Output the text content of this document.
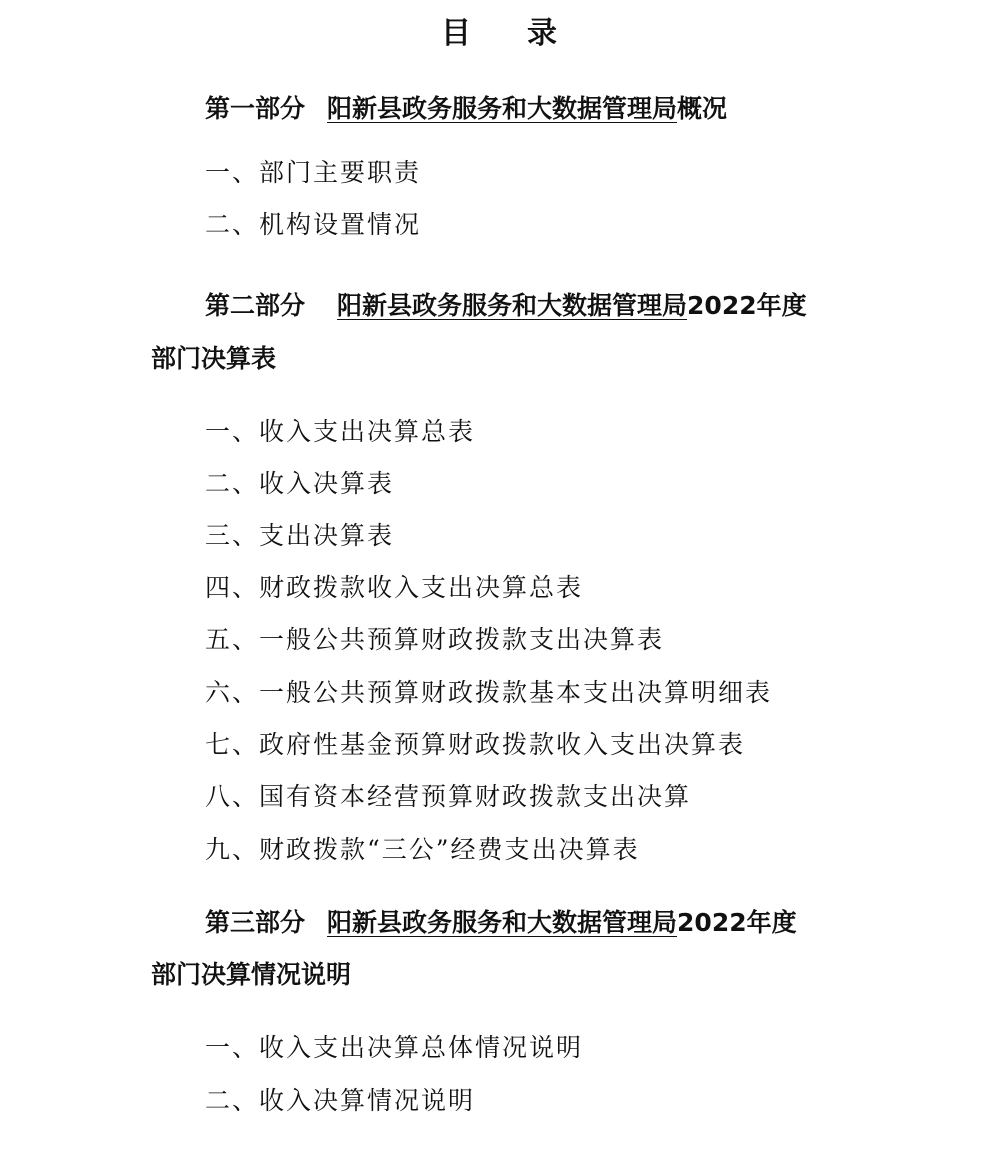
目录
第一部分 阳新县政务服务和大数据管理局概况
一、部门主要职责
二、机构设置情况
第二部分 阳新县政务服务和大数据管理局2022年度
部门决算表
一、收入支出决算总表
二、收入决算表
三、支出决算表
四、财政拨款收入支出决算总表
五、一般公共预算财政拨款支出决算表
六、一般公共预算财政拨款基本支出决算明细表
七、政府性基金预算财政拨款收入支出决算表
八、国有资本经营预算财政拨款支出决算
九、财政拨款“三公”经费支出决算表
第三部分 阳新县政务服务和大数据管理局2022年度
部门决算情况说明
一、收入支出决算总体情况说明
二、收入决算情况说明
